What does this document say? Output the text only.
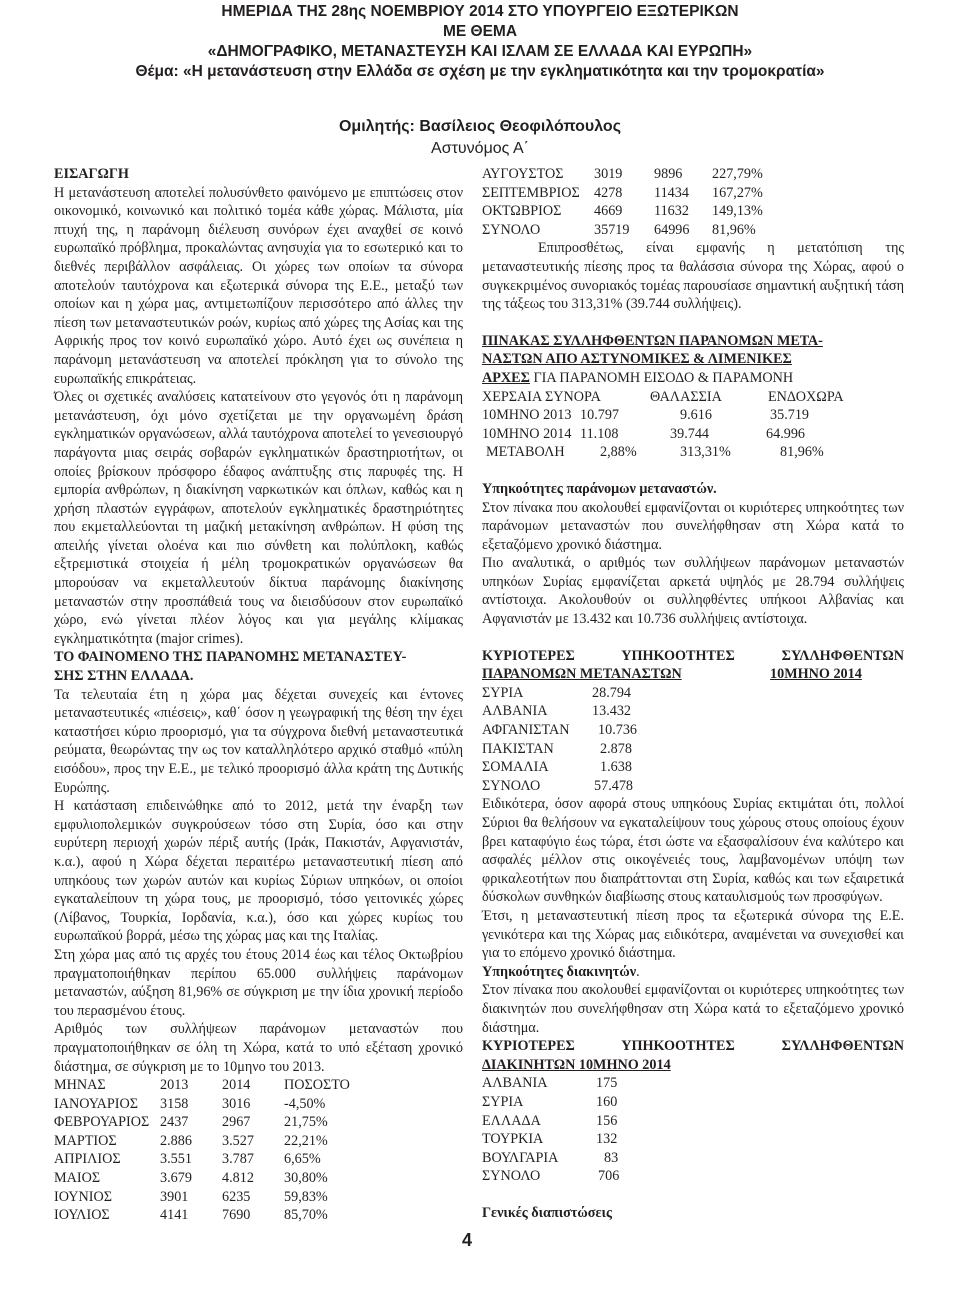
ΗΜΕΡΙΔΑ ΤΗΣ 28ης ΝΟΕΜΒΡΙΟΥ 2014 ΣΤΟ ΥΠΟΥΡΓΕΙΟ ΕΞΩΤΕΡΙΚΩΝ
ΜΕ ΘΕΜΑ
«ΔΗΜΟΓΡΑΦΙΚΟ, ΜΕΤΑΝΑΣΤΕΥΣΗ ΚΑΙ ΙΣΛΑΜ ΣΕ ΕΛΛΑΔΑ ΚΑΙ ΕΥΡΩΠΗ»
Θέμα: «Η μετανάστευση στην Ελλάδα σε σχέση με την εγκληματικότητα και την τρομοκρατία»
Ομιλητής: Βασίλειος Θεοφιλόπουλος
Αστυνόμος Α΄

ΕΙΣΑΓΩΓΗ

Η μετανάστευση αποτελεί πολυσύνθετο φαινόμενο με επιπτώσεις στον οικονομικό, κοινωνικό και πολιτικό τομέα κάθε χώρας. Μάλιστα, μία πτυχή της, η παράνομη διέλευση συνόρων έχει αναχθεί σε κοινό ευρωπαϊκό πρόβλημα, προκαλώντας ανησυχία για το εσωτερικό και το διεθνές περιβάλλον ασφάλειας. Οι χώρες των οποίων τα σύνορα αποτελούν ταυτόχρονα και εξωτερικά σύνορα της Ε.Ε., μεταξύ των οποίων και η χώρα μας, αντιμετωπίζουν περισσότερο από άλλες την πίεση των μεταναστευτικών ροών, κυρίως από χώρες της Ασίας και της Αφρικής προς τον κοινό ευρωπαϊκό χώρο. Αυτό έχει ως συνέπεια η παράνομη μετανάστευση να αποτελεί πρόκληση για το σύνολο της ευρωπαϊκής επικράτειας.

Όλες οι σχετικές αναλύσεις κατατείνουν στο γεγονός ότι η παράνομη μετανάστευση, όχι μόνο σχετίζεται με την οργανωμένη δράση εγκληματικών οργανώσεων, αλλά ταυτόχρονα αποτελεί το γενεσιουργό παράγοντα μιας σειράς σοβαρών εγκληματικών δραστηριοτήτων, οι οποίες βρίσκουν πρόσφορο έδαφος ανάπτυξης στις παρυφές της. Η εμπορία ανθρώπων, η διακίνηση ναρκωτικών και όπλων, καθώς και η χρήση πλαστών εγγράφων, αποτελούν εγκληματικές δραστηριότητες που εκμεταλλεύονται τη μαζική μετακίνηση ανθρώπων. Η φύση της απειλής γίνεται ολοένα και πιο σύνθετη και πολύπλοκη, καθώς εξτρεμιστικά στοιχεία ή μέλη τρομοκρατικών οργανώσεων θα μπορούσαν να εκμεταλλευτούν δίκτυα παράνομης διακίνησης μεταναστών στην προσπάθειά τους να διεισδύσουν στον ευρωπαϊκό χώρο, ενώ γίνεται πλέον λόγος και για μεγάλης κλίμακας εγκληματικότητα (major crimes).

ΤΟ ΦΑΙΝΟΜΕΝΟ ΤΗΣ ΠΑΡΑΝΟΜΗΣ ΜΕΤΑΝΑΣΤΕΥ-
ΣΗΣ ΣΤΗΝ ΕΛΛΑΔΑ.

Τα τελευταία έτη η χώρα μας δέχεται συνεχείς και έντονες μεταναστευτικές «πιέσεις», καθ΄ όσον η γεωγραφική της θέση την έχει καταστήσει κύριο προορισμό, για τα σύγχρονα διεθνή μεταναστευτικά ρεύματα, θεωρώντας την ως τον καταλληλότερο αρχικό σταθμό «πύλη εισόδου», προς την Ε.Ε., με τελικό προορισμό άλλα κράτη της Δυτικής Ευρώπης.

Η κατάσταση επιδεινώθηκε από το 2012, μετά την έναρξη των εμφυλιοπολεμικών συγκρούσεων τόσο στη Συρία, όσο και στην ευρύτερη περιοχή χωρών πέριξ αυτής (Ιράκ, Πακιστάν, Αφγανιστάν, κ.α.), αφού η Χώρα δέχεται περαιτέρω μεταναστευτική πίεση από υπηκόους των χωρών αυτών και κυρίως Σύριων υπηκόων, οι οποίοι εγκαταλείπουν τη χώρα τους, με προορισμό, τόσο γειτονικές χώρες (Λίβανος, Τουρκία, Ιορδανία, κ.α.), όσο και χώρες κυρίως του ευρωπαϊκού βορρά, μέσω της χώρας μας και της Ιταλίας.

Στη χώρα μας από τις αρχές του έτους 2014 έως και τέλος Οκτωβρίου πραγματοποιήθηκαν περίπου 65.000 συλλήψεις παράνομων μεταναστών, αύξηση 81,96% σε σύγκριση με την ίδια χρονική περίοδο του περασμένου έτους.

Αριθμός των συλλήψεων παράνομων μεταναστών που πραγματοποιήθηκαν σε όλη τη Χώρα, κατά το υπό εξέταση χρονικό διάστημα, σε σύγκριση με το 10μηνο του 2013.

ΜΗΝΑΣ	2013	2014	ΠΟΣΟΣΤΟ
ΙΑΝΟΥΑΡΙΟΣ	3158	3016	-4,50%
ΦΕΒΡΟΥΑΡΙΟΣ 2437	2967	21,75%
ΜΑΡΤΙΟΣ	2.886	3.527	22,21%
ΑΠΡΙΛΙΟΣ	3.551	3.787	6,65%
ΜΑΙΟΣ	3.679	4.812	30,80%
ΙΟΥΝΙΟΣ	3901	6235	59,83%
ΙΟΥΛΙΟΣ	4141	7690	85,70%
ΑΥΓΟΥΣΤΟΣ	3019	9896	227,79%
ΣΕΠΤΕΜΒΡΙΟΣ	4278	11434	167,27%
ΟΚΤΩΒΡΙΟΣ	4669	11632	149,13%
ΣΥΝΟΛΟ	35719	64996	81,96%

Επιπροσθέτως, είναι εμφανής η μετατόπιση της μεταναστευτικής πίεσης προς τα θαλάσσια σύνορα της Χώρας, αφού ο συγκεκριμένος συνοριακός τομέας παρουσίασε σημαντική αυξητική τάση της τάξεως του 313,31% (39.744 συλλήψεις).

ΠΙΝΑΚΑΣ ΣΥΛΛΗΦΘΕΝΤΩΝ ΠΑΡΑΝΟΜΩΝ ΜΕΤΑ-
ΝΑΣΤΩΝ ΑΠΟ ΑΣΤΥΝΟΜΙΚΕΣ & ΛΙΜΕΝΙΚΕΣ
ΑΡΧΕΣ ΓΙΑ ΠΑΡΑΝΟΜΗ ΕΙΣΟΔΟ & ΠΑΡΑΜΟΝΗ

ΧΕΡΣΑΙΑ ΣΥΝΟΡΑ	ΘΑΛΑΣΣΙΑ	ΕΝΔΟΧΩΡΑ
10ΜΗΝΟ 2013 10.797	9.616	35.719
10ΜΗΝΟ 2014 11.108	39.744	64.996
ΜΕΤΑΒΟΛΗ	2,88%	313,31%	81,96%

Υπηκοότητες παράνομων μεταναστών.

Στον πίνακα που ακολουθεί εμφανίζονται οι κυριότερες υπηκοότητες των παράνομων μεταναστών που συνελήφθησαν στη Χώρα κατά το εξεταζόμενο χρονικό διάστημα.

Πιο αναλυτικά, ο αριθμός των συλλήψεων παράνομων μεταναστών υπηκόων Συρίας εμφανίζεται αρκετά υψηλός με 28.794 συλλήψεις αντίστοιχα. Ακολουθούν οι συλληφθέντες υπήκοοι Αλβανίας και Αφγανιστάν με 13.432 και 10.736 συλλήψεις αντίστοιχα.

ΚΥΡΙΟΤΕΡΕΣ ΥΠΗΚΟΟΤΗΤΕΣ ΣΥΛΛΗΦΘΕΝΤΩΝ

ΠΑΡΑΝΟΜΩΝ ΜΕΤΑΝΑΣΤΩΝ	10ΜΗΝΟ 2014
ΣΥΡΙΑ	28.794
ΑΛΒΑΝΙΑ	13.432
ΑΦΓΑΝΙΣΤΑΝ	10.736
ΠΑΚΙΣΤΑΝ	2.878
ΣΟΜΑΛΙΑ	1.638
ΣΥΝΟΛΟ	57.478

Ειδικότερα, όσον αφορά στους υπηκόους Συρίας εκτιμάται ότι, πολλοί Σύριοι θα θελήσουν να εγκαταλείψουν τους χώρους στους οποίους έχουν βρει καταφύγιο έως τώρα, έτσι ώστε να εξασφαλίσουν ένα καλύτερο και ασφαλές μέλλον στις οικογένειές τους, λαμβανομένων υπόψη των φρικαλεοτήτων που διαπράττονται στη Συρία, καθώς και των εξαιρετικά δύσκολων συνθηκών διαβίωσης στους καταυλισμούς των προσφύγων.

Έτσι, η μεταναστευτική πίεση προς τα εξωτερικά σύνορα της Ε.Ε. γενικότερα και της Χώρας μας ειδικότερα, αναμένεται να συνεχισθεί και για το επόμενο χρονικό διάστημα.

Υπηκοότητες διακινητών.

Στον πίνακα που ακολουθεί εμφανίζονται οι κυριότερες υπηκοότητες των διακινητών που συνελήφθησαν στη Χώρα κατά το εξεταζόμενο χρονικό διάστημα.

ΚΥΡΙΟΤΕΡΕΣ ΥΠΗΚΟΟΤΗΤΕΣ ΣΥΛΛΗΦΘΕΝΤΩΝ

ΔΙΑΚΙΝΗΤΩΝ 10ΜΗΝΟ 2014

ΑΛΒΑΝΙΑ	175
ΣΥΡΙΑ	160
ΕΛΛΑΔΑ	156
ΤΟΥΡΚΙΑ	132
ΒΟΥΛΓΑΡΙΑ	83
ΣΥΝΟΛΟ	706

Γενικές διαπιστώσεις

4
